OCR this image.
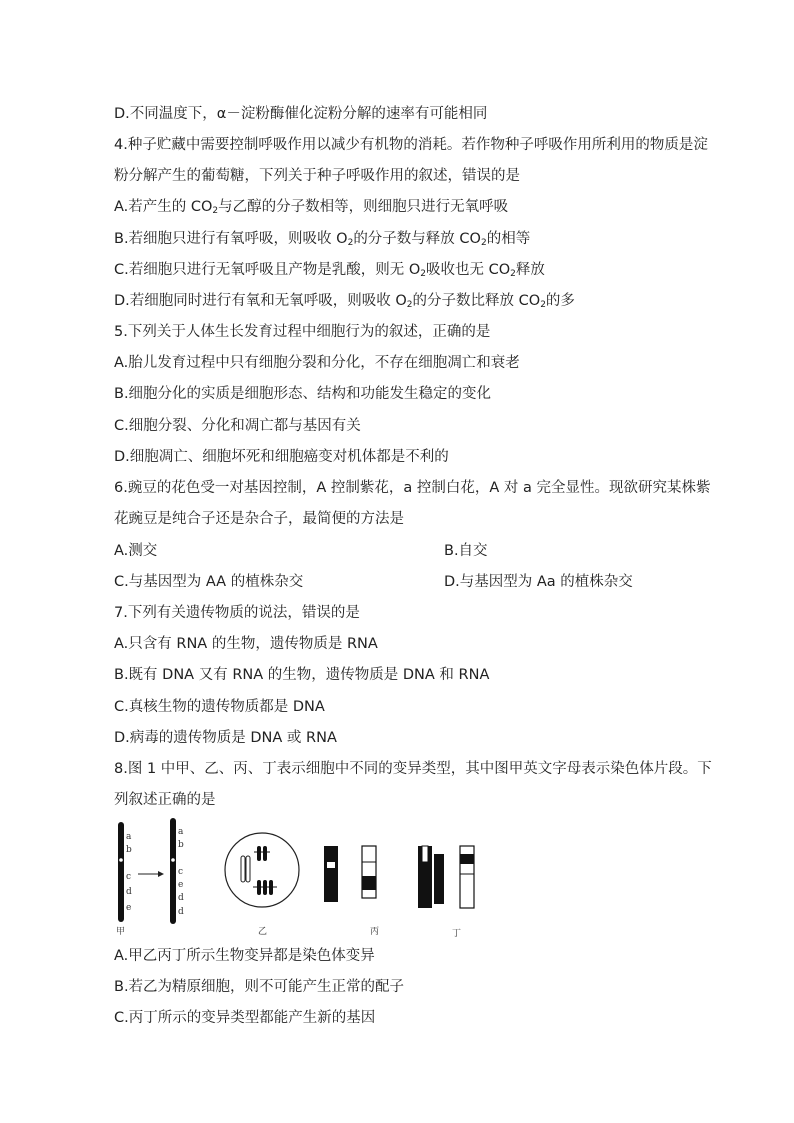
D.不同温度下，α－淀粉酶催化淀粉分解的速率有可能相同
4.种子贮藏中需要控制呼吸作用以减少有机物的消耗。若作物种子呼吸作用所利用的物质是淀
粉分解产生的葡萄糖，下列关于种子呼吸作用的叙述，错误的是
A.若产生的 $CO_2$与乙醇的分子数相等，则细胞只进行无氧呼吸
B.若细胞只进行有氧呼吸，则吸收 $O_2$的分子数与释放 $CO_2$的相等
C.若细胞只进行无氧呼吸且产物是乳酸，则无 $O_2$吸收也无 $CO_2$释放
D.若细胞同时进行有氧和无氧呼吸，则吸收 $O_2$的分子数比释放 $CO_2$的多
5.下列关于人体生长发育过程中细胞行为的叙述，正确的是
A.胎儿发育过程中只有细胞分裂和分化，不存在细胞凋亡和衰老
B.细胞分化的实质是细胞形态、结构和功能发生稳定的变化
C.细胞分裂、分化和凋亡都与基因有关
D.细胞凋亡、细胞坏死和细胞癌变对机体都是不利的
6.豌豆的花色受一对基因控制，A 控制紫花，a 控制白花，A 对 a 完全显性。现欲研究某株紫
花豌豆是纯合子还是杂合子，最简便的方法是
A.测交	B.自交
C.与基因型为 AA 的植株杂交	D.与基因型为 Aa 的植株杂交
7.下列有关遗传物质的说法，错误的是
A.只含有 RNA 的生物，遗传物质是 RNA
B.既有 DNA 又有 RNA 的生物，遗传物质是 DNA 和 RNA
C.真核生物的遗传物质都是 DNA
D.病毒的遗传物质是 DNA 或 RNA
8.图 1 中甲、乙、丙、丁表示细胞中不同的变异类型，其中图甲英文字母表示染色体片段。下
列叙述正确的是
a
b
c
d
e
a
b
c
e
d
d
甲	乙	丙	丁
A.甲乙丙丁所示生物变异都是染色体变异
B.若乙为精原细胞，则不可能产生正常的配子
C.丙丁所示的变异类型都能产生新的基因
